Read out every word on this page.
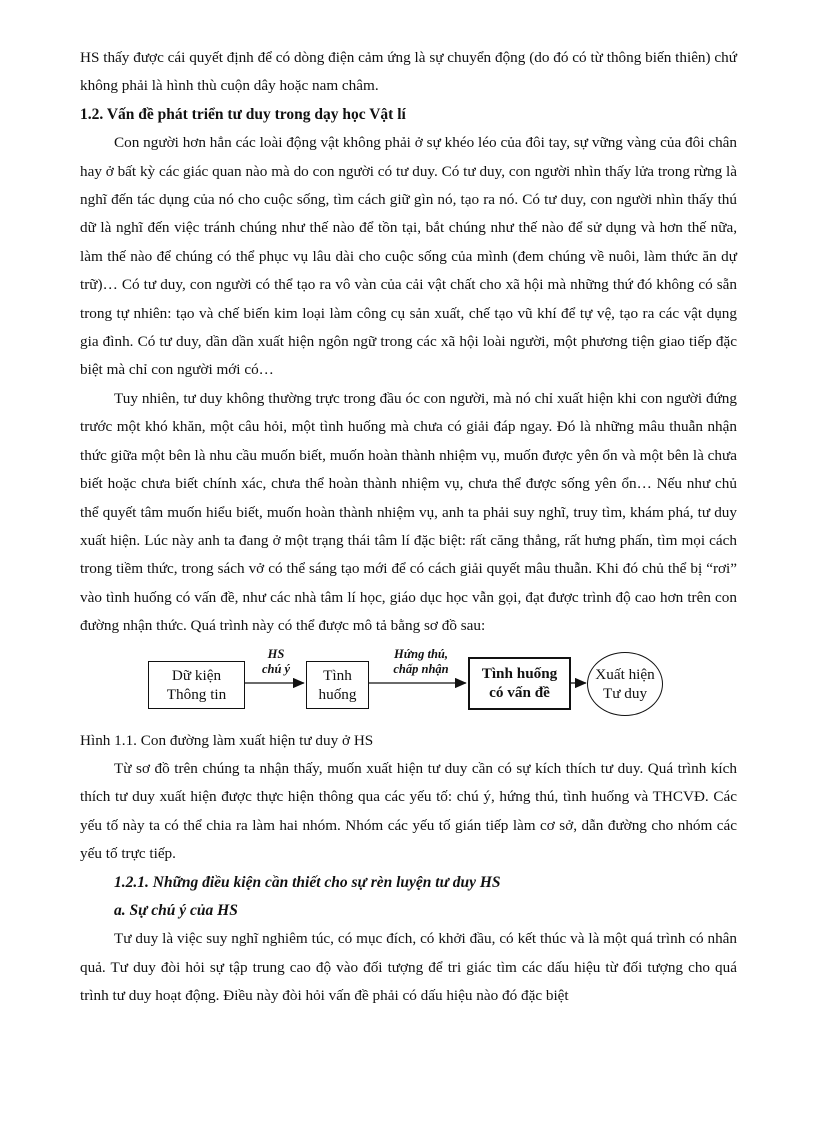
HS thấy được cái quyết định để có dòng điện cảm ứng là sự chuyển động (do đó có từ thông biến thiên) chứ không phải là hình thù cuộn dây hoặc nam châm.

1.2. Vấn đề phát triển tư duy trong dạy học Vật lí

Con người hơn hẳn các loài động vật không phải ở sự khéo léo của đôi tay, sự vững vàng của đôi chân hay ở bất kỳ các giác quan nào mà do con người có tư duy. Có tư duy, con người nhìn thấy lửa trong rừng là nghĩ đến tác dụng của nó cho cuộc sống, tìm cách giữ gìn nó, tạo ra nó. Có tư duy, con người nhìn thấy thú dữ là nghĩ đến việc tránh chúng như thế nào để tồn tại, bắt chúng như thế nào để sử dụng và hơn thế nữa, làm thế nào để chúng có thể phục vụ lâu dài cho cuộc sống của mình (đem chúng về nuôi, làm thức ăn dự trữ)… Có tư duy, con người có thể tạo ra vô vàn của cải vật chất cho xã hội mà những thứ đó không có sẵn trong tự nhiên: tạo và chế biến kim loại làm công cụ sản xuất, chế tạo vũ khí để tự vệ, tạo ra các vật dụng gia đình. Có tư duy, dần dần xuất hiện ngôn ngữ trong các xã hội loài người, một phương tiện giao tiếp đặc biệt mà chỉ con người mới có…

Tuy nhiên, tư duy không thường trực trong đầu óc con người, mà nó chỉ xuất hiện khi con người đứng trước một khó khăn, một câu hỏi, một tình huống mà chưa có giải đáp ngay. Đó là những mâu thuẫn nhận thức giữa một bên là nhu cầu muốn biết, muốn hoàn thành nhiệm vụ, muốn được yên ổn và một bên là chưa biết hoặc chưa biết chính xác, chưa thể hoàn thành nhiệm vụ, chưa thể được sống yên ổn… Nếu như chủ thể quyết tâm muốn hiểu biết, muốn hoàn thành nhiệm vụ, anh ta phải suy nghĩ, truy tìm, khám phá, tư duy xuất hiện. Lúc này anh ta đang ở một trạng thái tâm lí đặc biệt: rất căng thẳng, rất hưng phấn, tìm mọi cách trong tiềm thức, trong sách vở có thể sáng tạo mới để có cách giải quyết mâu thuẫn. Khi đó chủ thể bị “rơi” vào tình huống có vấn đề, như các nhà tâm lí học, giáo dục học vẫn gọi, đạt được trình độ cao hơn trên con đường nhận thức. Quá trình này có thể được mô tả bằng sơ đồ sau:

Dữ kiện
Thông tin
HS
chú ý	Tình
huống
Hứng thú,
chấp nhận	Tình huống
có vấn đề
Xuất hiện
Tư duy

Hình 1.1. Con đường làm xuất hiện tư duy ở HS

Từ sơ đồ trên chúng ta nhận thấy, muốn xuất hiện tư duy cần có sự kích thích tư duy. Quá trình kích thích tư duy xuất hiện được thực hiện thông qua các yếu tố: chú ý, hứng thú, tình huống và THCVĐ. Các yếu tố này ta có thể chia ra làm hai nhóm. Nhóm các yếu tố gián tiếp làm cơ sở, dẫn đường cho nhóm các yếu tố trực tiếp.

1.2.1. Những điều kiện cần thiết cho sự rèn luyện tư duy HS
a. Sự chú ý của HS

Tư duy là việc suy nghĩ nghiêm túc, có mục đích, có khởi đầu, có kết thúc và là một quá trình có nhân quả. Tư duy đòi hỏi sự tập trung cao độ vào đối tượng để tri giác tìm các dấu hiệu từ đối tượng cho quá trình tư duy hoạt động. Điều này đòi hỏi vấn đề phải có dấu hiệu nào đó đặc biệt
